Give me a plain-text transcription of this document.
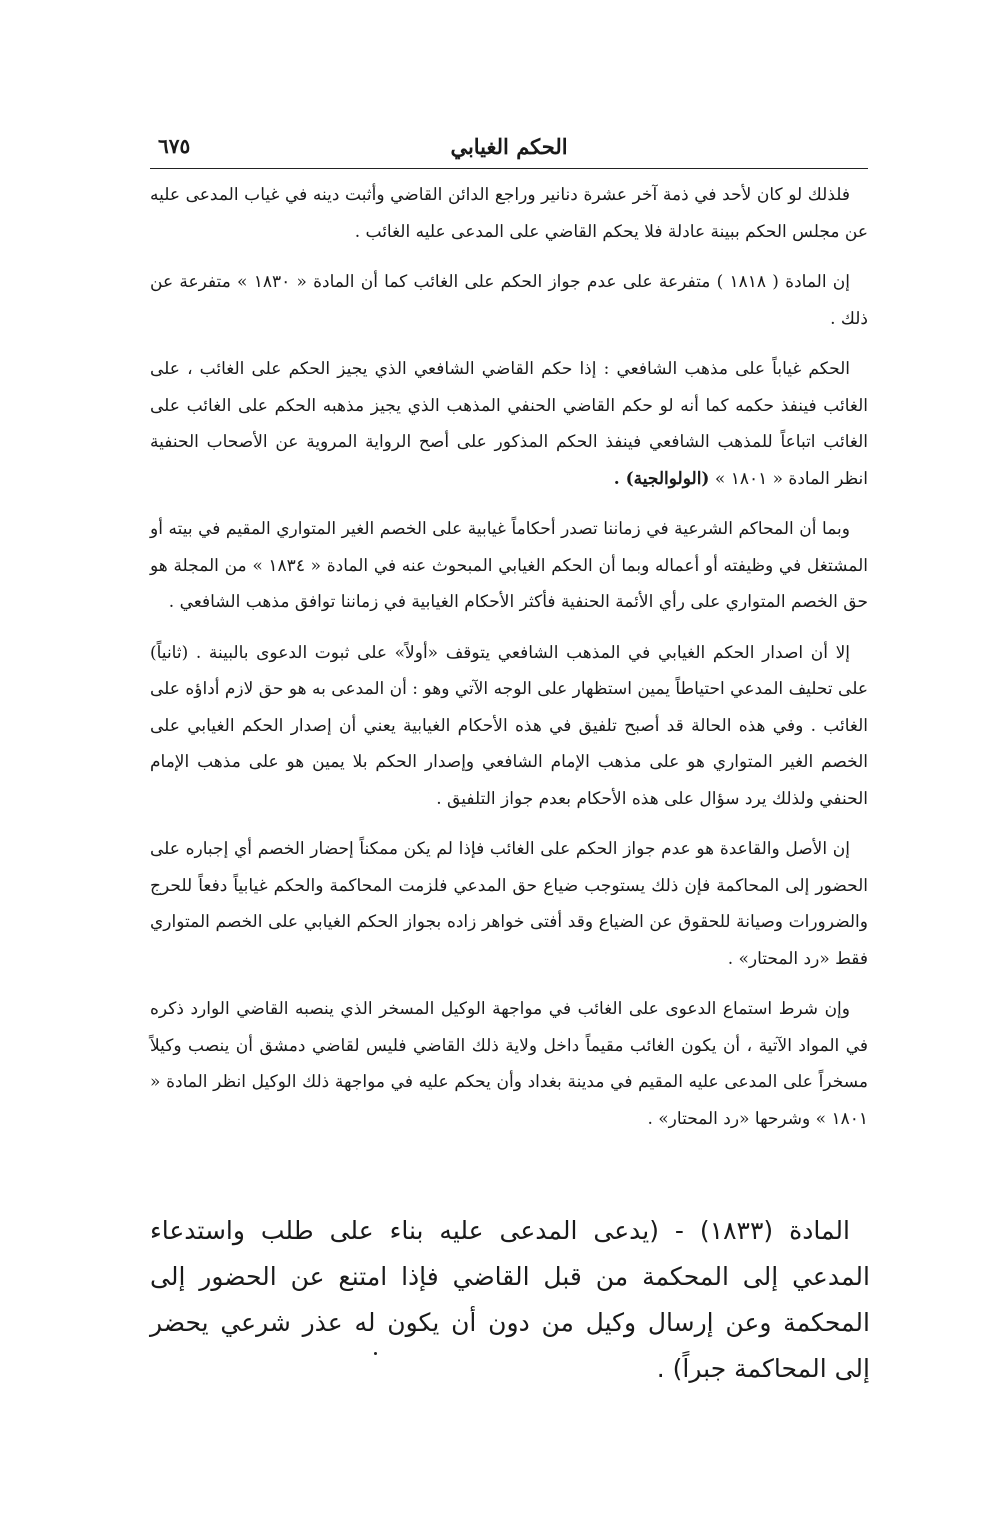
الحكم الغيابي
٦٧٥

فلذلك لو كان لأحد في ذمة آخر عشرة دنانير وراجع الدائن القاضي وأثبت دينه في غياب المدعى عليه عن مجلس الحكم ببينة عادلة فلا يحكم القاضي على المدعى عليه الغائب .

إن المادة ( ١٨١٨ ) متفرعة على عدم جواز الحكم على الغائب كما أن المادة « ١٨٣٠ » متفرعة عن ذلك .

الحكم غياباً على مذهب الشافعي : إذا حكم القاضي الشافعي الذي يجيز الحكم على الغائب ، على الغائب فينفذ حكمه كما أنه لو حكم القاضي الحنفي المذهب الذي يجيز مذهبه الحكم على الغائب على الغائب اتباعاً للمذهب الشافعي فينفذ الحكم المذكور على أصح الرواية المروية عن الأصحاب الحنفية انظر المادة « ١٨٠١ » (الولوالجية) .

وبما أن المحاكم الشرعية في زماننا تصدر أحكاماً غيابية على الخصم الغير المتواري المقيم في بيته أو المشتغل في وظيفته أو أعماله وبما أن الحكم الغيابي المبحوث عنه في المادة « ١٨٣٤ » من المجلة هو حق الخصم المتواري على رأي الأئمة الحنفية فأكثر الأحكام الغيابية في زماننا توافق مذهب الشافعي .

إلا أن اصدار الحكم الغيابي في المذهب الشافعي يتوقف «أولاً» على ثبوت الدعوى بالبينة . (ثانياً) على تحليف المدعي احتياطاً يمين استظهار على الوجه الآتي وهو : أن المدعى به هو حق لازم أداؤه على الغائب . وفي هذه الحالة قد أصبح تلفيق في هذه الأحكام الغيابية يعني أن إصدار الحكم الغيابي على الخصم الغير المتواري هو على مذهب الإمام الشافعي وإصدار الحكم بلا يمين هو على مذهب الإمام الحنفي ولذلك يرد سؤال على هذه الأحكام بعدم جواز التلفيق .

إن الأصل والقاعدة هو عدم جواز الحكم على الغائب فإذا لم يكن ممكناً إحضار الخصم أي إجباره على الحضور إلى المحاكمة فإن ذلك يستوجب ضياع حق المدعي فلزمت المحاكمة والحكم غيابياً دفعاً للحرج والضرورات وصيانة للحقوق عن الضياع وقد أفتى خواهر زاده بجواز الحكم الغيابي على الخصم المتواري فقط «رد المحتار» .

وإن شرط استماع الدعوى على الغائب في مواجهة الوكيل المسخر الذي ينصبه القاضي الوارد ذكره في المواد الآتية ، أن يكون الغائب مقيماً داخل ولاية ذلك القاضي فليس لقاضي دمشق أن ينصب وكيلاً مسخراً على المدعى عليه المقيم في مدينة بغداد وأن يحكم عليه في مواجهة ذلك الوكيل انظر المادة « ١٨٠١ » وشرحها «رد المحتار» .

المادة (١٨٣٣) - (يدعى المدعى عليه بناء على طلب واستدعاء المدعي إلى المحكمة من قبل القاضي فإذا امتنع عن الحضور إلى المحكمة وعن إرسال وكيل من دون أن يكون له عذر شرعي يحضر إلى المحاكمة جبراً) .
